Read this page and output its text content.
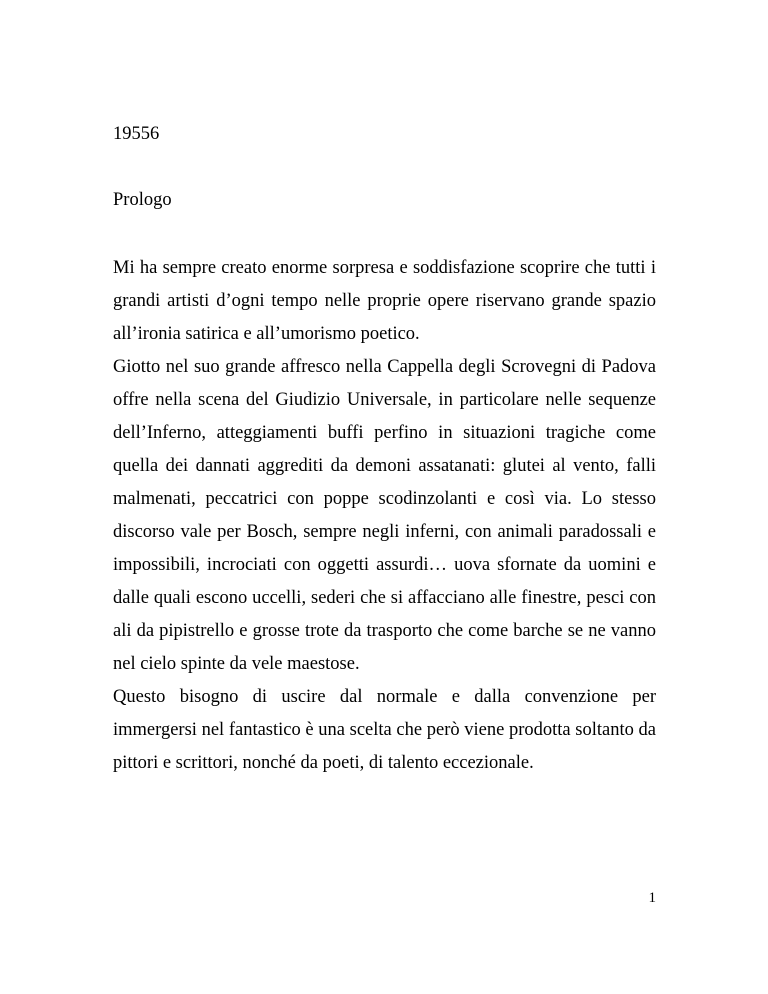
19556
Prologo

Mi ha sempre creato enorme sorpresa e soddisfazione scoprire che tutti i grandi artisti d’ogni tempo nelle proprie opere riservano grande spazio all’ironia satirica e all’umorismo poetico.

Giotto nel suo grande affresco nella Cappella degli Scrovegni di Padova offre nella scena del Giudizio Universale, in particolare nelle sequenze dell’Inferno, atteggiamenti buffi perfino in situazioni tragiche come quella dei dannati aggrediti da demoni assatanati: glutei al vento, falli malmenati, peccatrici con poppe scodinzolanti e così via. Lo stesso discorso vale per Bosch, sempre negli inferni, con animali paradossali e impossibili, incrociati con oggetti assurdi… uova sfornate da uomini e dalle quali escono uccelli, sederi che si affacciano alle finestre, pesci con ali da pipistrello e grosse trote da trasporto che come barche se ne vanno nel cielo spinte da vele maestose.

Questo bisogno di uscire dal normale e dalla convenzione per immergersi nel fantastico è una scelta che però viene prodotta soltanto da pittori e scrittori, nonché da poeti, di talento eccezionale.

1
